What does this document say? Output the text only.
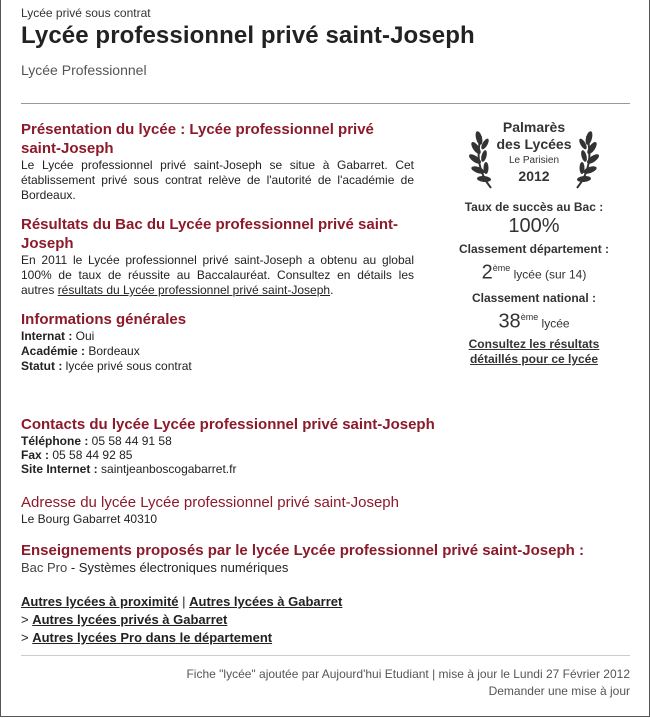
Lycée privé sous contrat
Lycée professionnel privé saint-Joseph
Lycée Professionnel
Présentation du lycée : Lycée professionnel privé saint-Joseph
Le Lycée professionnel privé saint-Joseph se situe à Gabarret. Cet établissement privé sous contrat relève de l'autorité de l'académie de Bordeaux.
Résultats du Bac du Lycée professionnel privé saint-Joseph
En 2011 le Lycée professionnel privé saint-Joseph a obtenu au global 100% de taux de réussite au Baccalauréat. Consultez en détails les autres résultats du Lycée professionnel privé saint-Joseph.
Informations générales
Internat : Oui
Académie : Bordeaux
Statut : lycée privé sous contrat
Contacts du lycée Lycée professionnel privé saint-Joseph
Téléphone : 05 58 44 91 58
Fax : 05 58 44 92 85
Site Internet : saintjeanboscogabarret.fr
Adresse du lycée Lycée professionnel privé saint-Joseph
Le Bourg Gabarret 40310
Enseignements proposés par le lycée Lycée professionnel privé saint-Joseph :
Bac Pro - Systèmes électroniques numériques
Autres lycées à proximité | Autres lycées à Gabarret
> Autres lycées privés à Gabarret
> Autres lycées Pro dans le département
Palmarès
des Lycées
Le Parisien
2012
Taux de succès au Bac :
100%
Classement département :
2ème lycée (sur 14)
Classement national :
38ème lycée
Consultez les résultats détaillés pour ce lycée
Fiche "lycée" ajoutée par Aujourd'hui Etudiant | mise à jour le Lundi 27 Février 2012
Demander une mise à jour
